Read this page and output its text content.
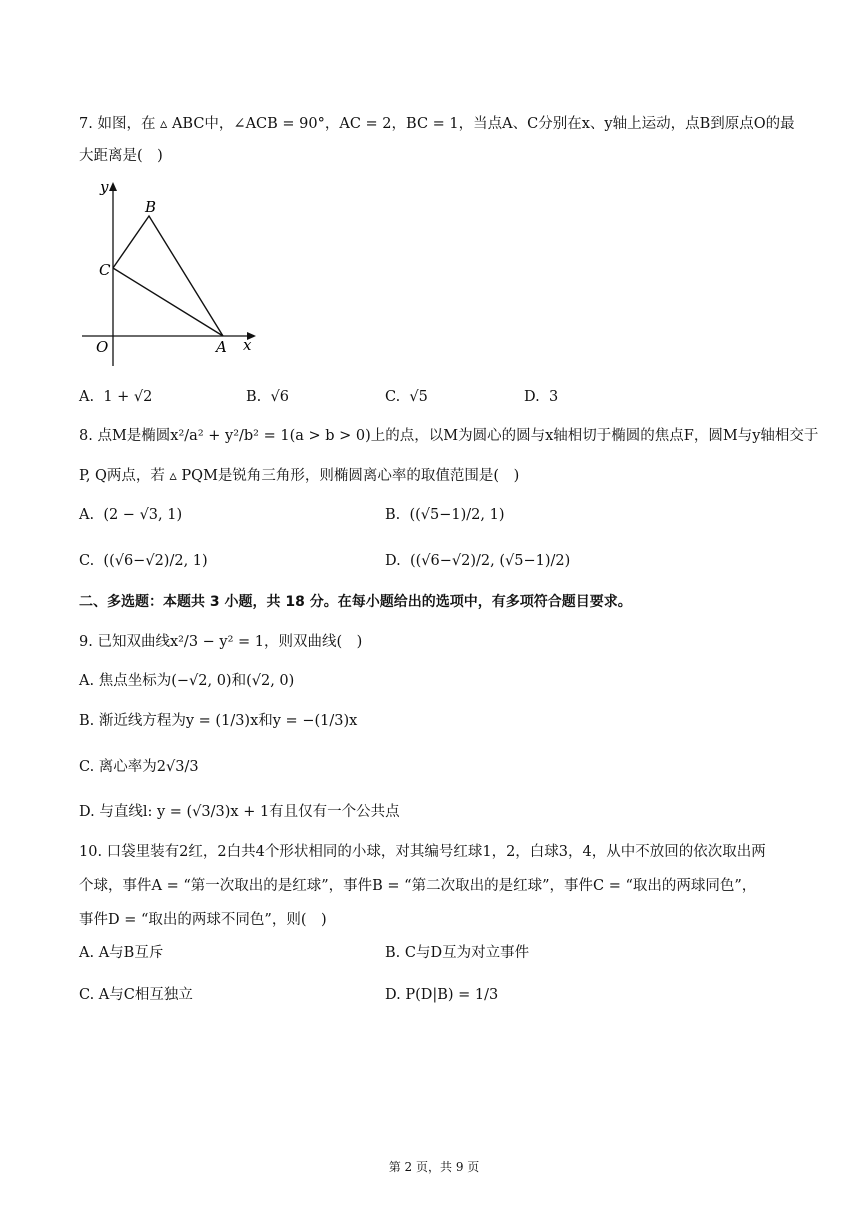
7. 如图，在 ▵ ABC中，∠ACB = 90°，AC = 2，BC = 1，当点A、C分别在x、y轴上运动，点B到原点O的最
大距离是(　)
y
x
O	A
B
C
A. 1 + √2	B. √6	C. √5	D. 3
8. 点M是椭圆x²/a² + y²/b² = 1(a > b > 0)上的点，以M为圆心的圆与x轴相切于椭圆的焦点F，圆M与y轴相交于
P, Q两点，若 ▵ PQM是锐角三角形，则椭圆离心率的取值范围是(　)
A. (2 − √3, 1)	B. ((√5−1)/2, 1)
C. ((√6−√2)/2, 1)	D. ((√6−√2)/2, (√5−1)/2)
二、多选题：本题共 3 小题，共 18 分。在每小题给出的选项中，有多项符合题目要求。
9. 已知双曲线x²/3 − y² = 1，则双曲线(　)
A. 焦点坐标为(−√2, 0)和(√2, 0)
B. 渐近线方程为y = (1/3)x和y = −(1/3)x
C. 离心率为2√3/3
D. 与直线l: y = (√3/3)x + 1有且仅有一个公共点
10. 口袋里装有2红，2白共4个形状相同的小球，对其编号红球1，2，白球3，4，从中不放回的依次取出两
个球，事件A = “第一次取出的是红球”，事件B = “第二次取出的是红球”，事件C = “取出的两球同色”，
事件D = “取出的两球不同色”，则(　)
A. A与B互斥	B. C与D互为对立事件
C. A与C相互独立	D. P(D|B) = 1/3
第 2 页，共 9 页
